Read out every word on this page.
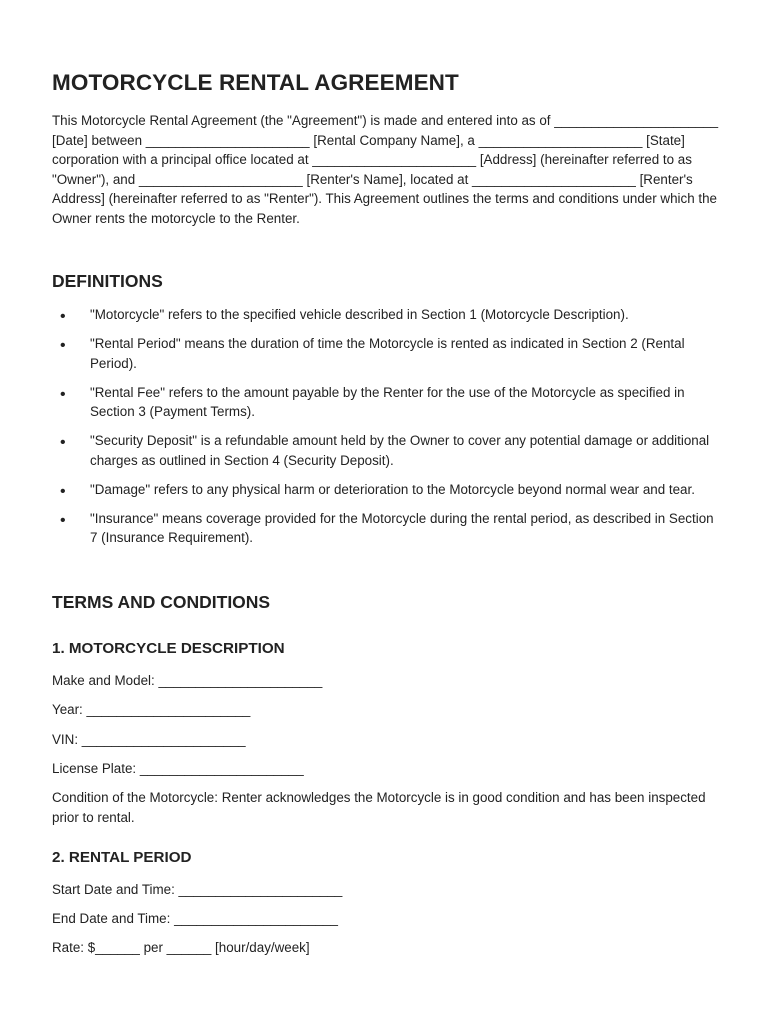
MOTORCYCLE RENTAL AGREEMENT

This Motorcycle Rental Agreement (the "Agreement") is made and entered into as of ______________________ [Date] between ______________________ [Rental Company Name], a ______________________ [State] corporation with a principal office located at ______________________ [Address] (hereinafter referred to as "Owner"), and ______________________ [Renter's Name], located at ______________________ [Renter's Address] (hereinafter referred to as "Renter"). This Agreement outlines the terms and conditions under which the Owner rents the motorcycle to the Renter.

DEFINITIONS
• "Motorcycle" refers to the specified vehicle described in Section 1 (Motorcycle Description).
• "Rental Period" means the duration of time the Motorcycle is rented as indicated in Section 2 (Rental Period).
• "Rental Fee" refers to the amount payable by the Renter for the use of the Motorcycle as specified in Section 3 (Payment Terms).
• "Security Deposit" is a refundable amount held by the Owner to cover any potential damage or additional charges as outlined in Section 4 (Security Deposit).
• "Damage" refers to any physical harm or deterioration to the Motorcycle beyond normal wear and tear.
• "Insurance" means coverage provided for the Motorcycle during the rental period, as described in Section 7 (Insurance Requirement).
TERMS AND CONDITIONS
1. MOTORCYCLE DESCRIPTION

Make and Model: ______________________

Year: ______________________

VIN: ______________________

License Plate: ______________________

Condition of the Motorcycle: Renter acknowledges the Motorcycle is in good condition and has been inspected prior to rental.

2. RENTAL PERIOD

Start Date and Time: ______________________

End Date and Time: ______________________

Rate: $______ per ______ [hour/day/week]
